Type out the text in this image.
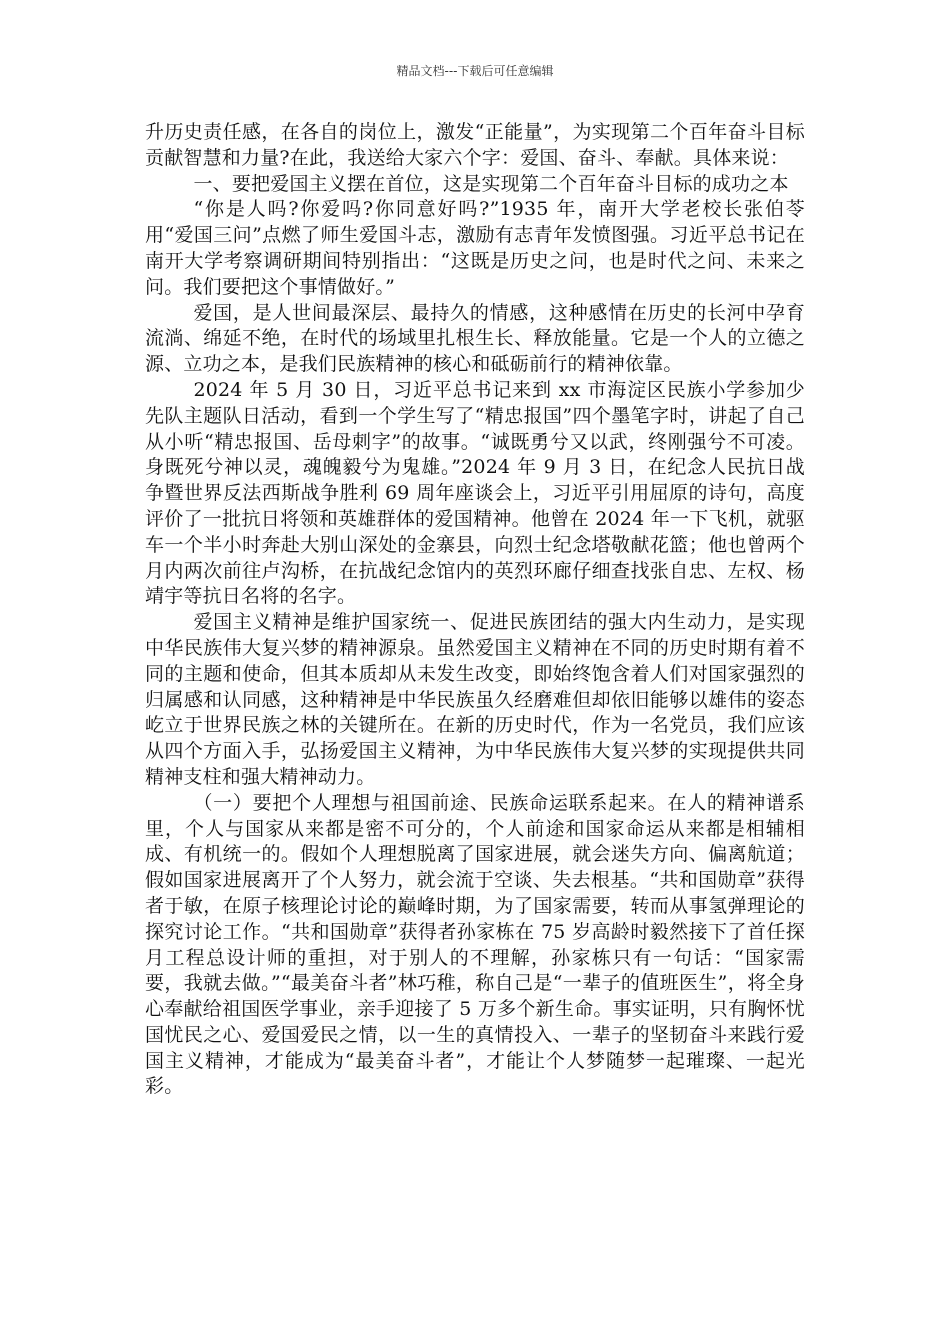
精品文档---下载后可任意编辑

升历史责任感，在各自的岗位上，激发“正能量”，为实现第二个百年奋斗目标贡献智慧和力量?在此，我送给大家六个字：爱国、奋斗、奉献。具体来说：

一、要把爱国主义摆在首位，这是实现第二个百年奋斗目标的成功之本

“你是人吗?你爱吗?你同意好吗?”1935 年，南开大学老校长张伯苓用“爱国三问”点燃了师生爱国斗志，激励有志青年发愤图强。习近平总书记在南开大学考察调研期间特别指出：“这既是历史之问，也是时代之问、未来之问。我们要把这个事情做好。”

爱国，是人世间最深层、最持久的情感，这种感情在历史的长河中孕育流淌、绵延不绝，在时代的场域里扎根生长、释放能量。它是一个人的立德之源、立功之本，是我们民族精神的核心和砥砺前行的精神依靠。

2024 年 5 月 30 日，习近平总书记来到 xx 市海淀区民族小学参加少先队主题队日活动，看到一个学生写了“精忠报国”四个墨笔字时，讲起了自己从小听“精忠报国、岳母刺字”的故事。“诚既勇兮又以武，终刚强兮不可凌。身既死兮神以灵，魂魄毅兮为鬼雄。”2024 年 9 月 3 日，在纪念人民抗日战争暨世界反法西斯战争胜利 69 周年座谈会上，习近平引用屈原的诗句，高度评价了一批抗日将领和英雄群体的爱国精神。他曾在 2024 年一下飞机，就驱车一个半小时奔赴大别山深处的金寨县，向烈士纪念塔敬献花篮；他也曾两个月内两次前往卢沟桥，在抗战纪念馆内的英烈环廊仔细查找张自忠、左权、杨靖宇等抗日名将的名字。

爱国主义精神是维护国家统一、促进民族团结的强大内生动力，是实现中华民族伟大复兴梦的精神源泉。虽然爱国主义精神在不同的历史时期有着不同的主题和使命，但其本质却从未发生改变，即始终饱含着人们对国家强烈的归属感和认同感，这种精神是中华民族虽久经磨难但却依旧能够以雄伟的姿态屹立于世界民族之林的关键所在。在新的历史时代，作为一名党员，我们应该从四个方面入手，弘扬爱国主义精神，为中华民族伟大复兴梦的实现提供共同精神支柱和强大精神动力。

（一）要把个人理想与祖国前途、民族命运联系起来。在人的精神谱系里，个人与国家从来都是密不可分的，个人前途和国家命运从来都是相辅相成、有机统一的。假如个人理想脱离了国家进展，就会迷失方向、偏离航道；假如国家进展离开了个人努力，就会流于空谈、失去根基。“共和国勋章”获得者于敏，在原子核理论讨论的巅峰时期，为了国家需要，转而从事氢弹理论的探究讨论工作。“共和国勋章”获得者孙家栋在 75 岁高龄时毅然接下了首任探月工程总设计师的重担，对于别人的不理解，孙家栋只有一句话：“国家需要，我就去做。”“最美奋斗者”林巧稚，称自己是“一辈子的值班医生”，将全身心奉献给祖国医学事业，亲手迎接了 5 万多个新生命。事实证明，只有胸怀忧国忧民之心、爱国爱民之情，以一生的真情投入、一辈子的坚韧奋斗来践行爱国主义精神，才能成为“最美奋斗者”，才能让个人梦随梦一起璀璨、一起光彩。
